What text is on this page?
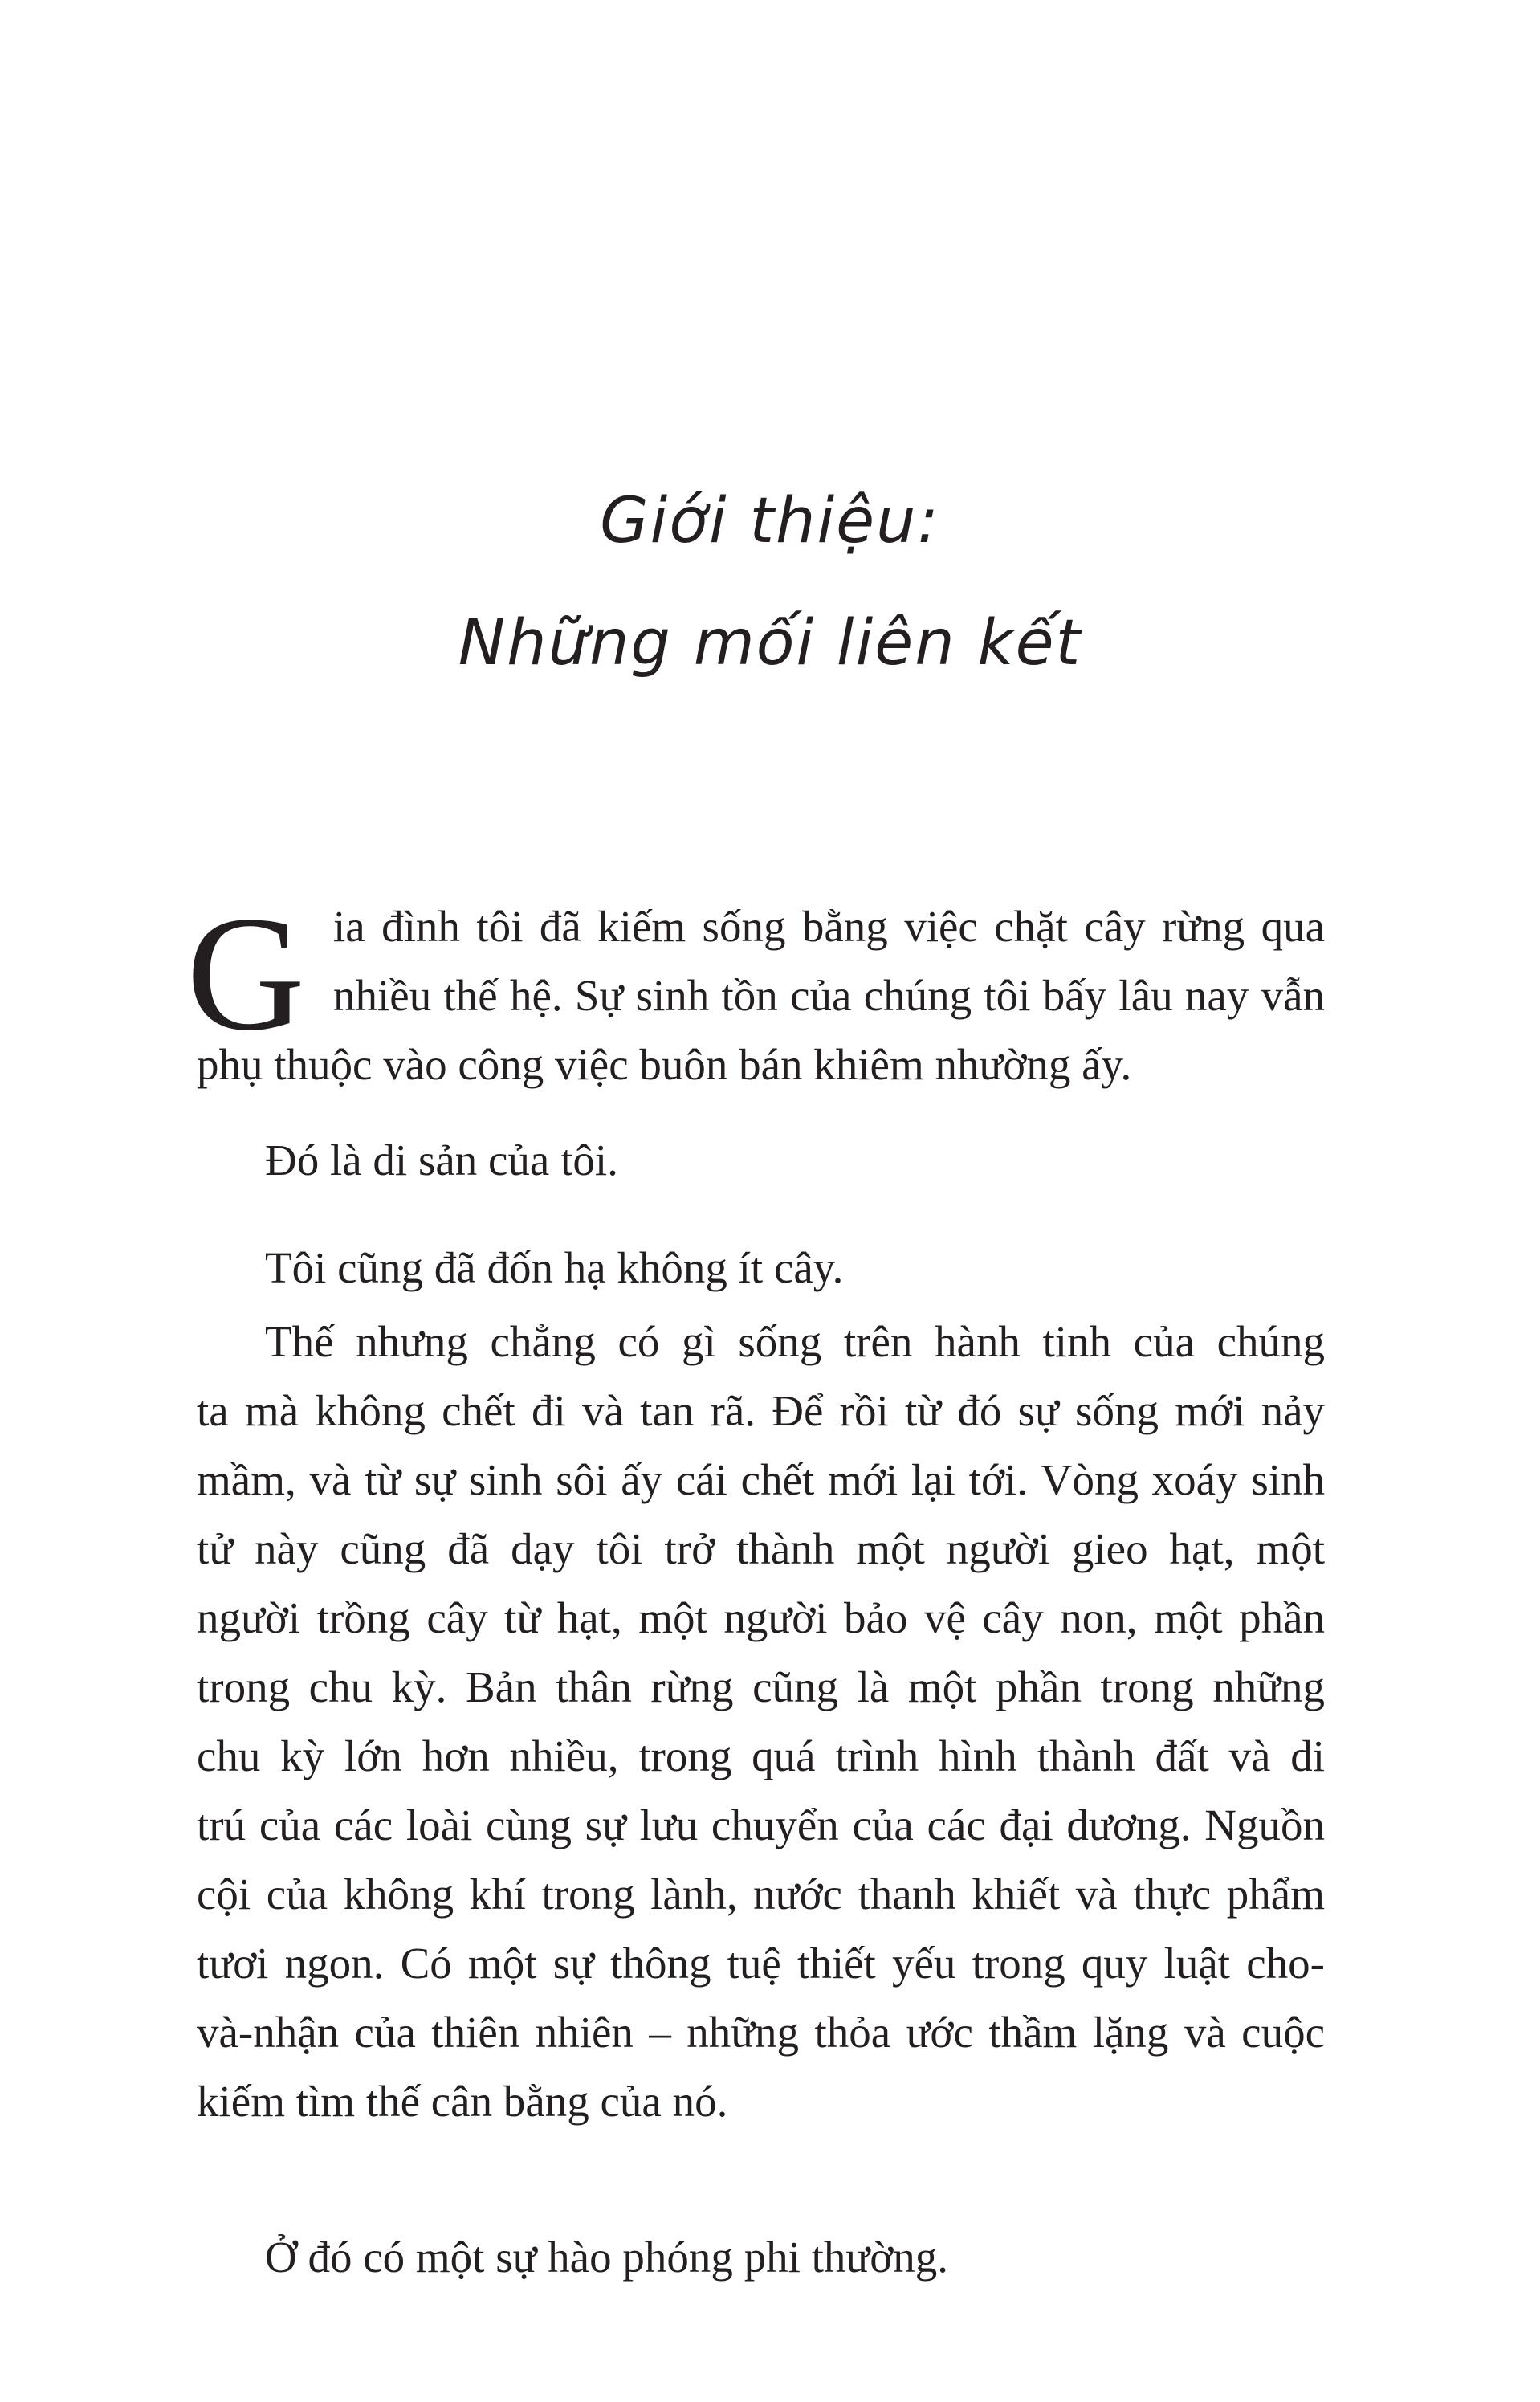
Giới thiệu:
Những mối liên kết
G ia đình tôi đã kiếm sống bằng việc chặt cây rừng qua
nhiều thế hệ. Sự sinh tồn của chúng tôi bấy lâu nay vẫn
phụ thuộc vào công việc buôn bán khiêm nhường ấy.

Đó là di sản của tôi.

Tôi cũng đã đốn hạ không ít cây.

Thế nhưng chẳng có gì sống trên hành tinh của chúng
ta mà không chết đi và tan rã. Để rồi từ đó sự sống mới nảy
mầm, và từ sự sinh sôi ấy cái chết mới lại tới. Vòng xoáy sinh
tử này cũng đã dạy tôi trở thành một người gieo hạt, một
người trồng cây từ hạt, một người bảo vệ cây non, một phần
trong chu kỳ. Bản thân rừng cũng là một phần trong những
chu kỳ lớn hơn nhiều, trong quá trình hình thành đất và di
trú của các loài cùng sự lưu chuyển của các đại dương. Nguồn
cội của không khí trong lành, nước thanh khiết và thực phẩm
tươi ngon. Có một sự thông tuệ thiết yếu trong quy luật cho-
và-nhận của thiên nhiên – những thỏa ước thầm lặng và cuộc
kiếm tìm thế cân bằng của nó.

Ở đó có một sự hào phóng phi thường.
